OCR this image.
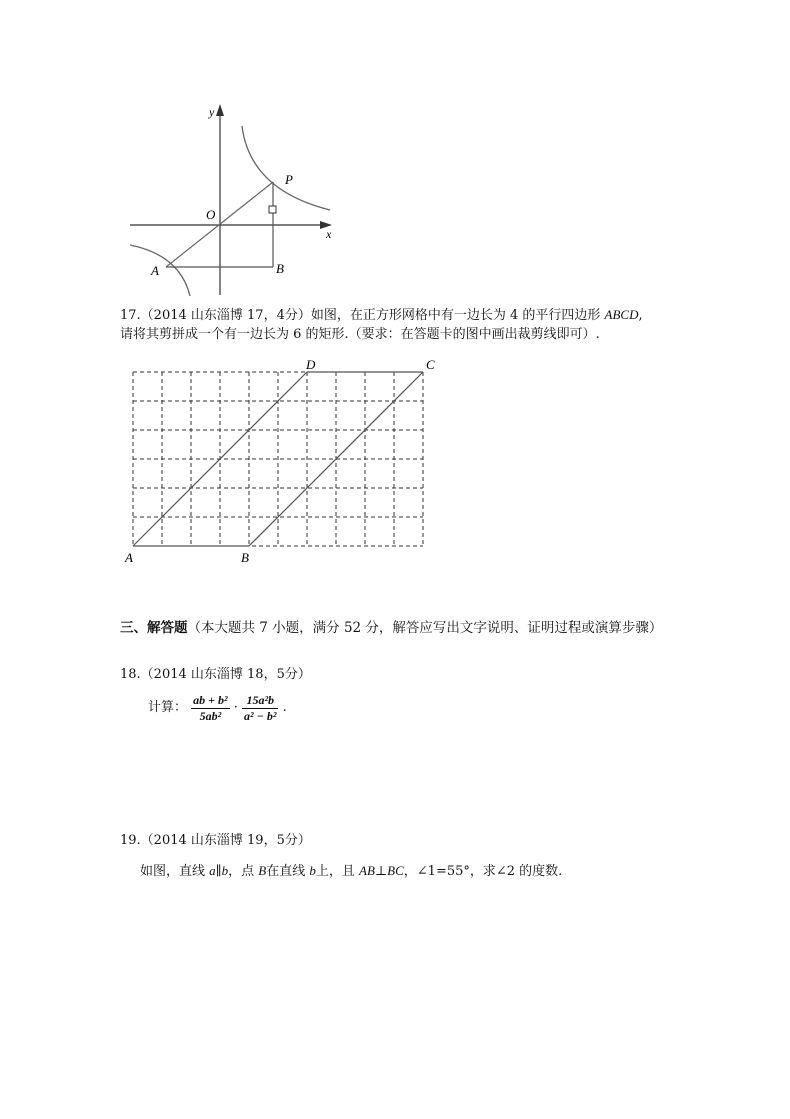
y
x
O
P
A	B
17.（2014 山东淄博 17，4分）如图，在正方形网格中有一边长为 4 的平行四边形 ABCD,
请将其剪拼成一个有一边长为 6 的矩形.（要求：在答题卡的图中画出裁剪线即可）.
D	C
A	B
三、解答题（本大题共 7 小题，满分 52 分，解答应写出文字说明、证明过程或演算步骤）
18.（2014 山东淄博 18，5分）
计算： $\frac{\text{ab + b²}}{\text{5ab²}} \cdot \frac{\text{15a²b}}{\text{a² − b²}}$ .
19.（2014 山东淄博 19，5分）
如图，直线 a∥b，点 B在直线 b上，且 AB⊥BC，∠1=55°，求∠2 的度数.
